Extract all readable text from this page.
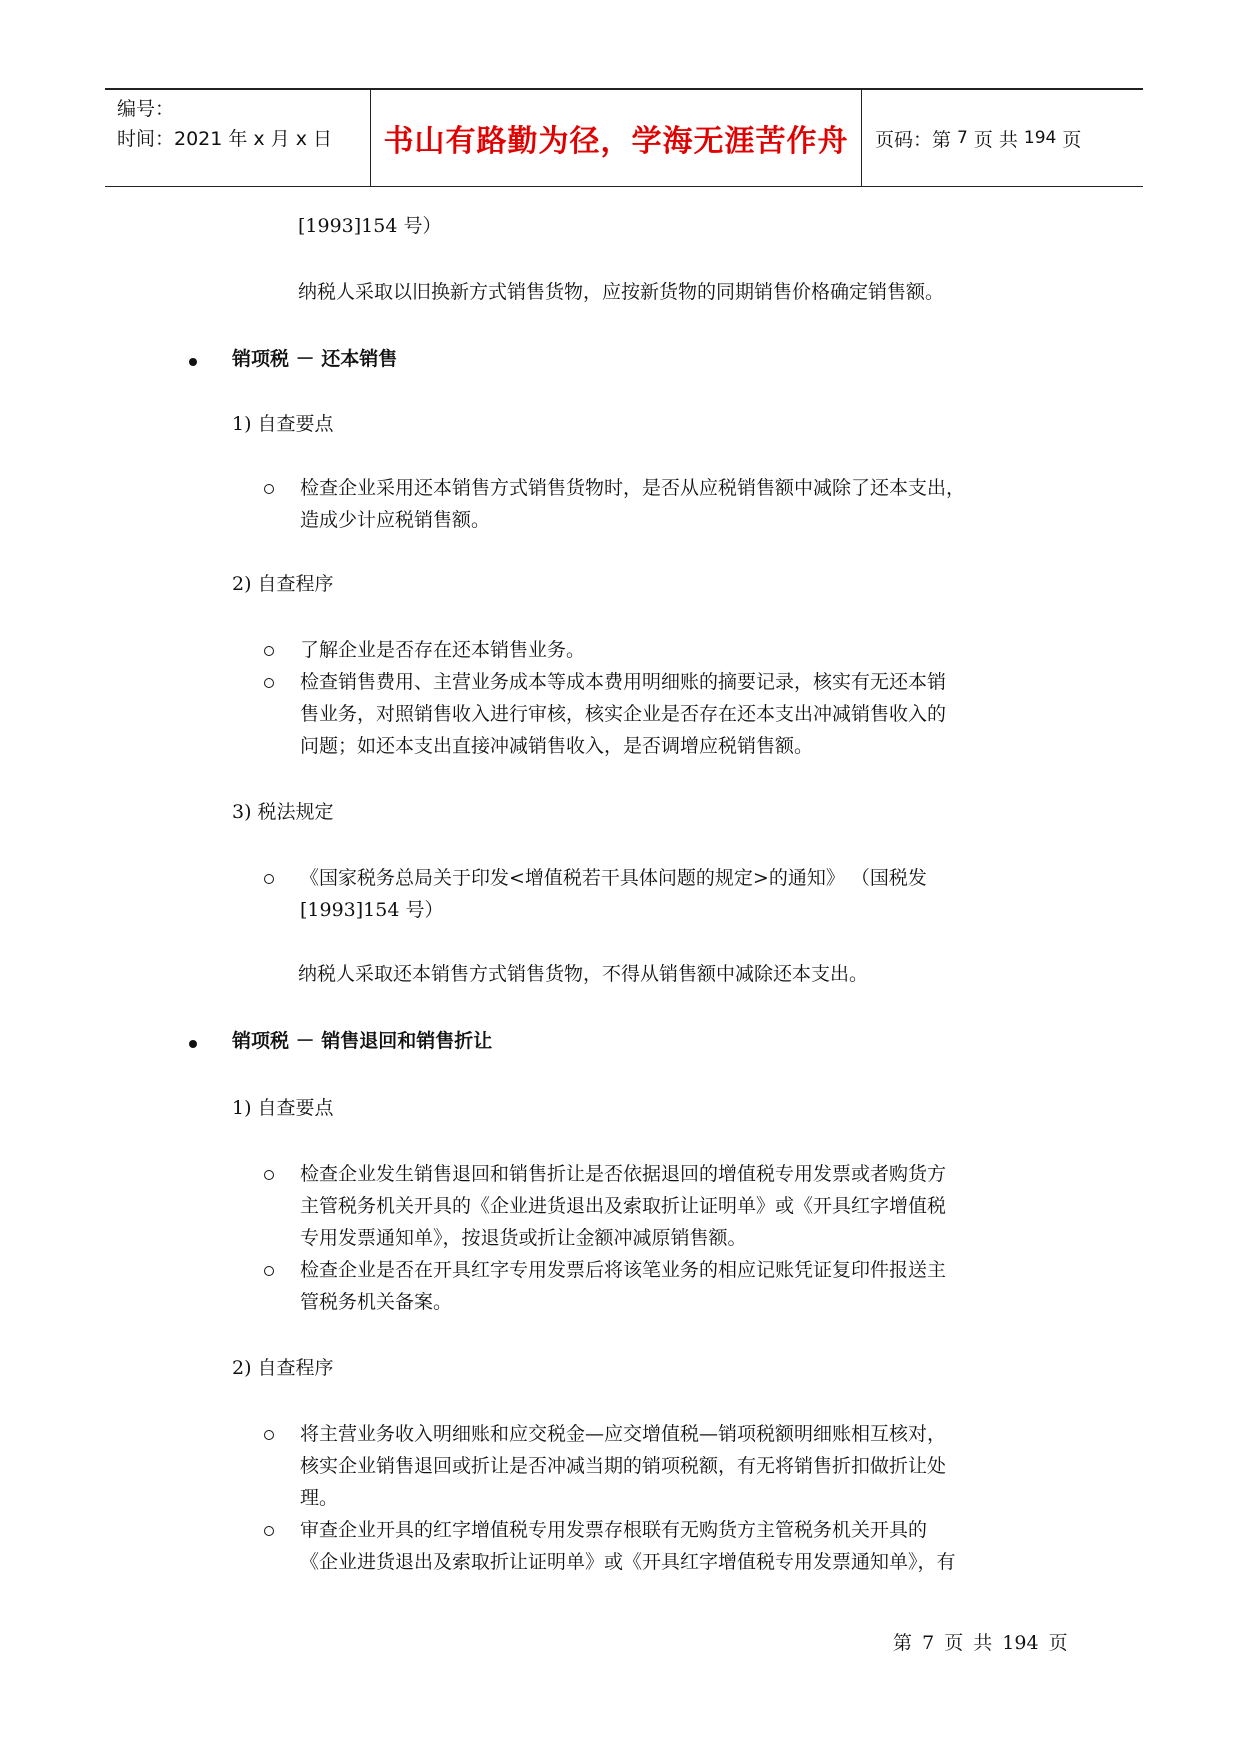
编号：
时间：2021 年 x 月 x 日	书山有路勤为径，学海无涯苦作舟	页码：第 7 页 共 194 页
[1993]154 号）
纳税人采取以旧换新方式销售货物，应按新货物的同期销售价格确定销售额。
销项税 － 还本销售
1) 自查要点
检查企业采用还本销售方式销售货物时，是否从应税销售额中减除了还本支出，
造成少计应税销售额。
2) 自查程序
了解企业是否存在还本销售业务。
检查销售费用、主营业务成本等成本费用明细账的摘要记录，核实有无还本销
售业务，对照销售收入进行审核，核实企业是否存在还本支出冲减销售收入的
问题；如还本支出直接冲减销售收入，是否调增应税销售额。
3) 税法规定
《国家税务总局关于印发<增值税若干具体问题的规定>的通知》 （国税发
[1993]154 号）
纳税人采取还本销售方式销售货物，不得从销售额中减除还本支出。
销项税 － 销售退回和销售折让
1) 自查要点
检查企业发生销售退回和销售折让是否依据退回的增值税专用发票或者购货方
主管税务机关开具的《企业进货退出及索取折让证明单》或《开具红字增值税
专用发票通知单》，按退货或折让金额冲减原销售额。
检查企业是否在开具红字专用发票后将该笔业务的相应记账凭证复印件报送主
管税务机关备案。
2) 自查程序
将主营业务收入明细账和应交税金—应交增值税—销项税额明细账相互核对，
核实企业销售退回或折让是否冲减当期的销项税额，有无将销售折扣做折让处
理。
审查企业开具的红字增值税专用发票存根联有无购货方主管税务机关开具的
《企业进货退出及索取折让证明单》或《开具红字增值税专用发票通知单》，有
第 7 页 共 194 页
